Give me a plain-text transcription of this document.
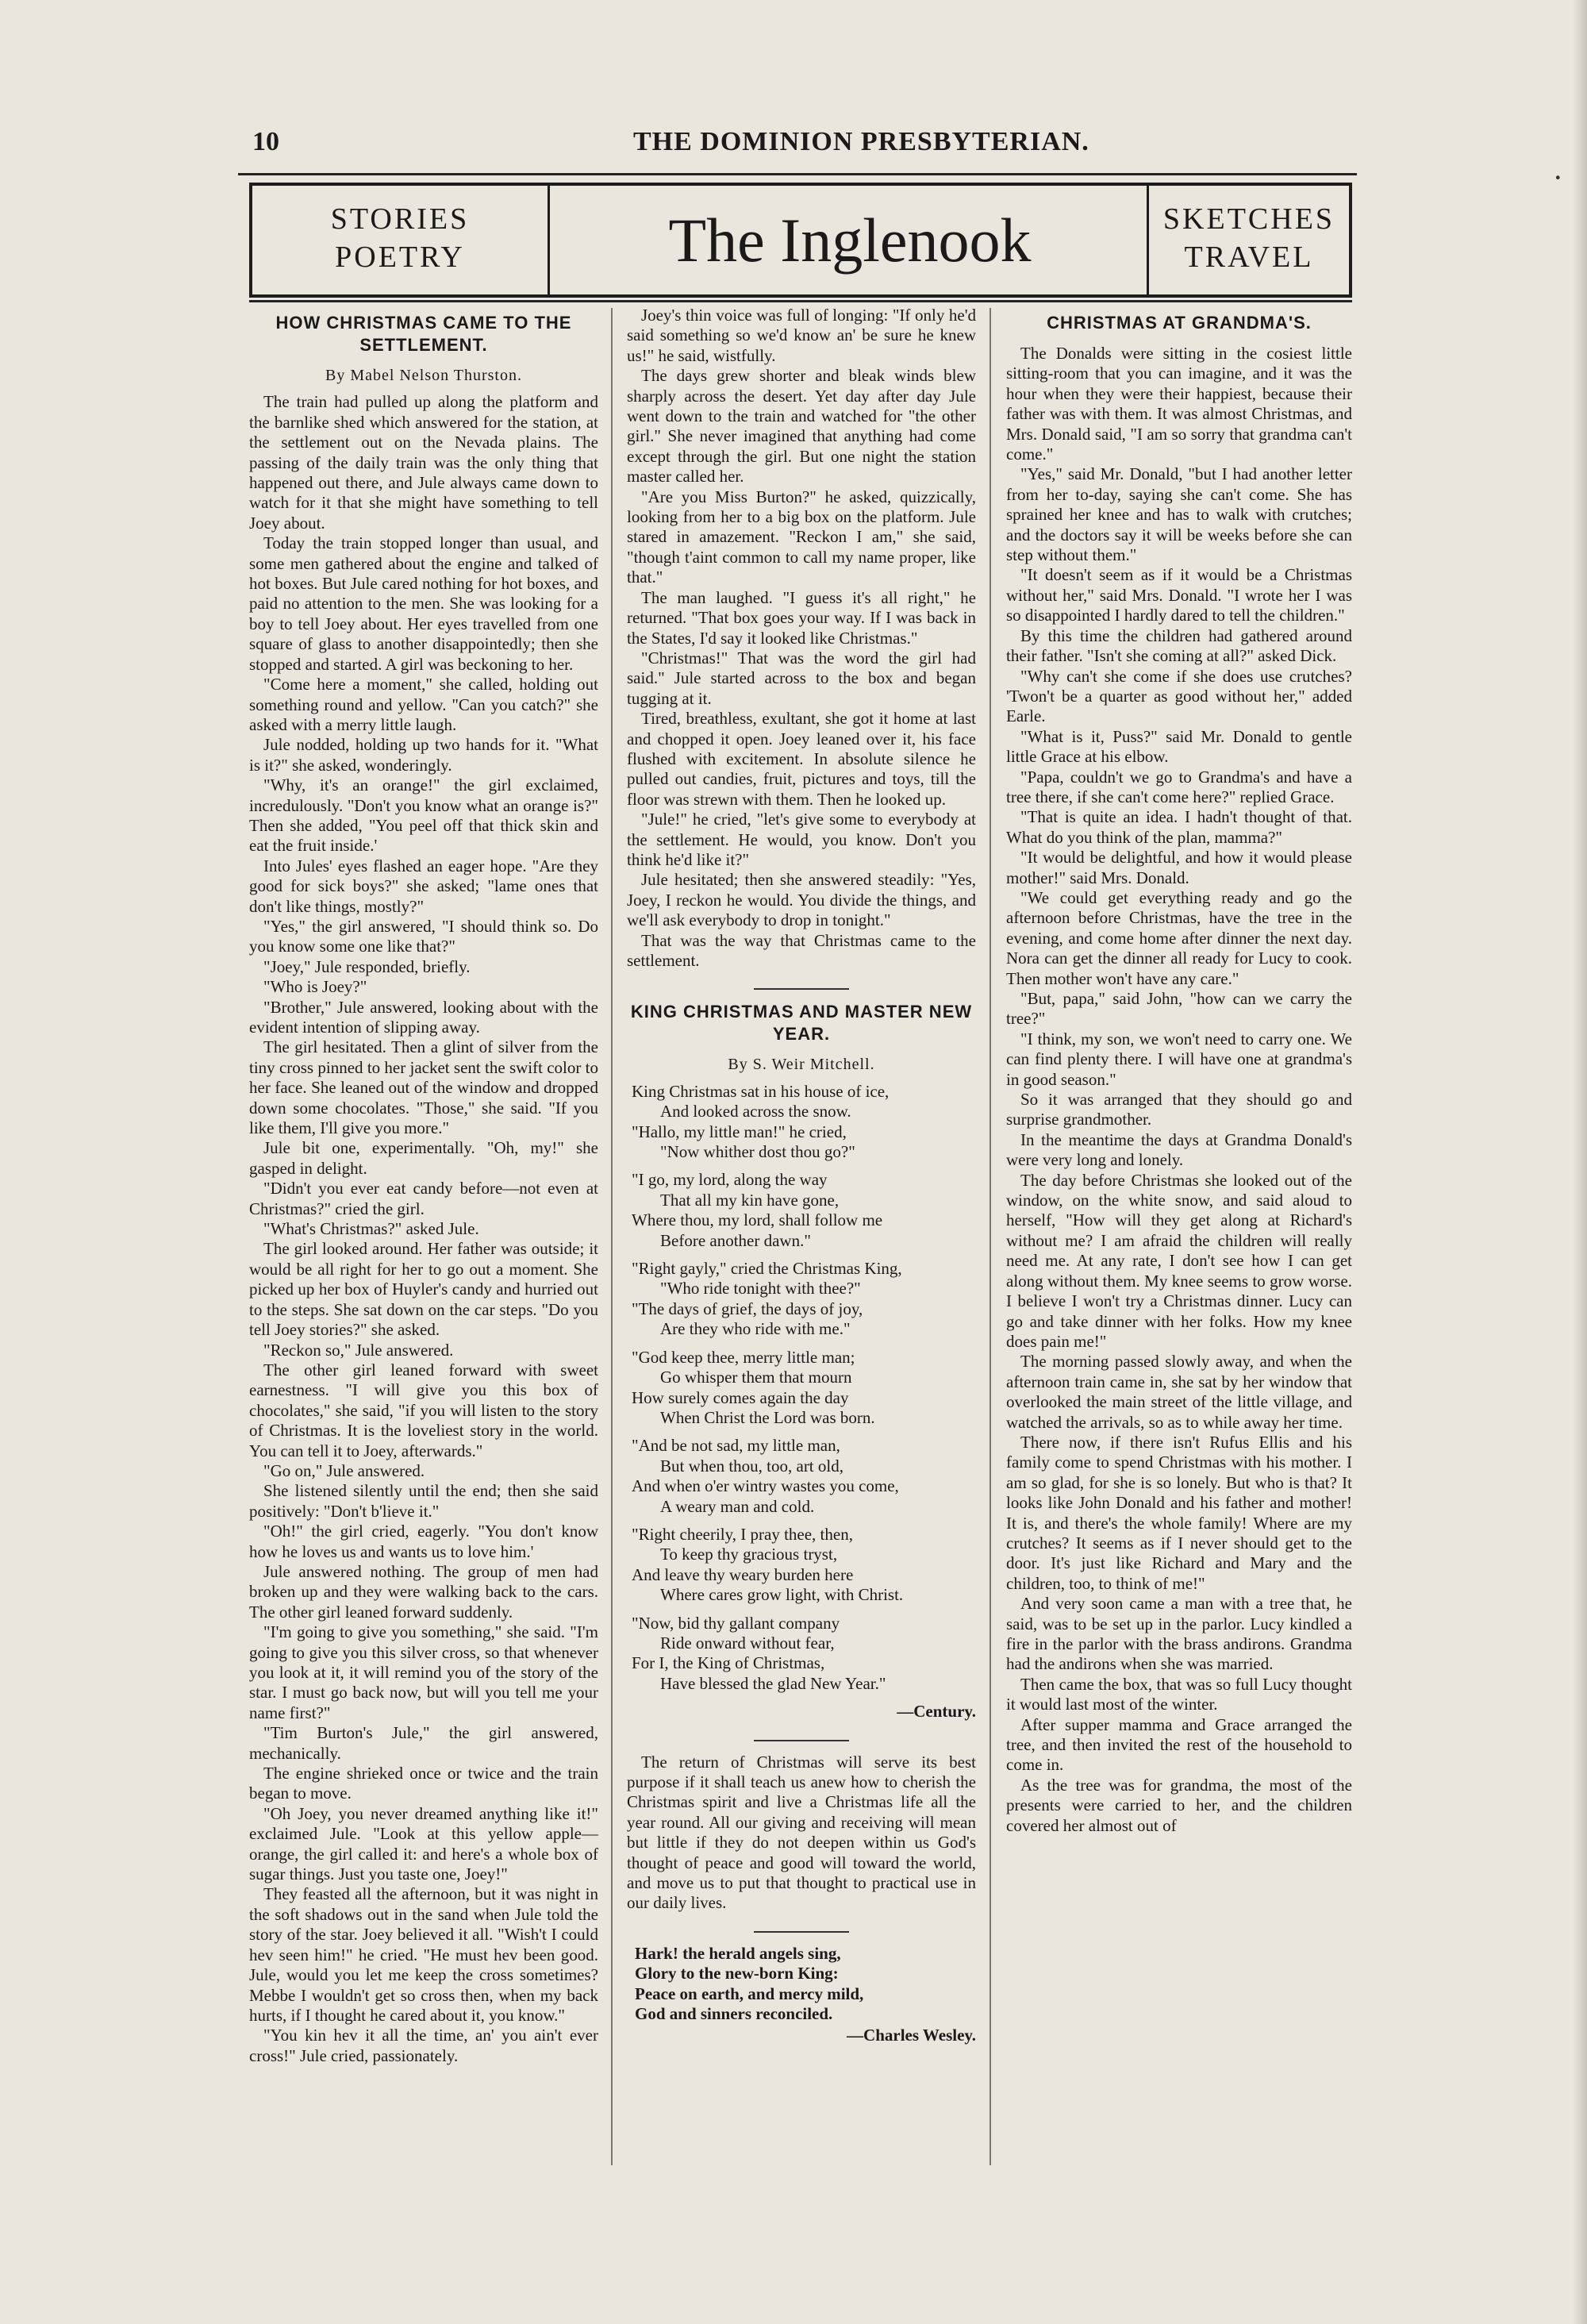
·
10	THE DOMINION PRESBYTERIAN.
STORIES
POETRY	The Inglenook	SKETCHES
TRAVEL
HOW CHRISTMAS CAME TO THE SETTLEMENT.
By Mabel Nelson Thurston.

The train had pulled up along the platform and the barnlike shed which answered for the station, at the settlement out on the Nevada plains. The passing of the daily train was the only thing that happened out there, and Jule always came down to watch for it that she might have something to tell Joey about.

Today the train stopped longer than usual, and some men gathered about the engine and talked of hot boxes. But Jule cared nothing for hot boxes, and paid no attention to the men. She was looking for a boy to tell Joey about. Her eyes travelled from one square of glass to another disappointedly; then she stopped and started. A girl was beckoning to her.

"Come here a moment," she called, holding out something round and yellow. "Can you catch?" she asked with a merry little laugh.

Jule nodded, holding up two hands for it. "What is it?" she asked, wonderingly.

"Why, it's an orange!" the girl exclaimed, incredulously. "Don't you know what an orange is?" Then she added, "You peel off that thick skin and eat the fruit inside.'

Into Jules' eyes flashed an eager hope. "Are they good for sick boys?" she asked; "lame ones that don't like things, mostly?"

"Yes," the girl answered, "I should think so. Do you know some one like that?"

"Joey," Jule responded, briefly.

"Who is Joey?"

"Brother," Jule answered, looking about with the evident intention of slipping away.

The girl hesitated. Then a glint of silver from the tiny cross pinned to her jacket sent the swift color to her face. She leaned out of the window and dropped down some chocolates. "Those," she said. "If you like them, I'll give you more."

Jule bit one, experimentally. "Oh, my!" she gasped in delight.

"Didn't you ever eat candy before—not even at Christmas?" cried the girl.

"What's Christmas?" asked Jule.

The girl looked around. Her father was outside; it would be all right for her to go out a moment. She picked up her box of Huyler's candy and hurried out to the steps. She sat down on the car steps. "Do you tell Joey stories?" she asked.

"Reckon so," Jule answered.

The other girl leaned forward with sweet earnestness. "I will give you this box of chocolates," she said, "if you will listen to the story of Christmas. It is the loveliest story in the world. You can tell it to Joey, afterwards."

"Go on," Jule answered.

She listened silently until the end; then she said positively: "Don't b'lieve it."

"Oh!" the girl cried, eagerly. "You don't know how he loves us and wants us to love him.'

Jule answered nothing. The group of men had broken up and they were walking back to the cars. The other girl leaned forward suddenly.

"I'm going to give you something," she said. "I'm going to give you this silver cross, so that whenever you look at it, it will remind you of the story of the star. I must go back now, but will you tell me your name first?"

"Tim Burton's Jule," the girl answered, mechanically.

The engine shrieked once or twice and the train began to move.

"Oh Joey, you never dreamed anything like it!" exclaimed Jule. "Look at this yellow apple—orange, the girl called it: and here's a whole box of sugar things. Just you taste one, Joey!"

They feasted all the afternoon, but it was night in the soft shadows out in the sand when Jule told the story of the star. Joey believed it all. "Wish't I could hev seen him!" he cried. "He must hev been good. Jule, would you let me keep the cross sometimes? Mebbe I wouldn't get so cross then, when my back hurts, if I thought he cared about it, you know."

"You kin hev it all the time, an' you ain't ever cross!" Jule cried, passionately.

Joey's thin voice was full of longing: "If only he'd said something so we'd know an' be sure he knew us!" he said, wistfully.

The days grew shorter and bleak winds blew sharply across the desert. Yet day after day Jule went down to the train and watched for "the other girl." She never imagined that anything had come except through the girl. But one night the station master called her.

"Are you Miss Burton?" he asked, quizzically, looking from her to a big box on the platform. Jule stared in amazement. "Reckon I am," she said, "though t'aint common to call my name proper, like that."

The man laughed. "I guess it's all right," he returned. "That box goes your way. If I was back in the States, I'd say it looked like Christmas."

"Christmas!" That was the word the girl had said." Jule started across to the box and began tugging at it.

Tired, breathless, exultant, she got it home at last and chopped it open. Joey leaned over it, his face flushed with excitement. In absolute silence he pulled out candies, fruit, pictures and toys, till the floor was strewn with them. Then he looked up.

"Jule!" he cried, "let's give some to everybody at the settlement. He would, you know. Don't you think he'd like it?"

Jule hesitated; then she answered steadily: "Yes, Joey, I reckon he would. You divide the things, and we'll ask everybody to drop in tonight."

That was the way that Christmas came to the settlement.

KING CHRISTMAS AND MASTER NEW YEAR.
By S. Weir Mitchell.
King Christmas sat in his house of ice,
And looked across the snow.
"Hallo, my little man!" he cried,
"Now whither dost thou go?"
"I go, my lord, along the way
That all my kin have gone,
Where thou, my lord, shall follow me
Before another dawn."
"Right gayly," cried the Christmas King,
"Who ride tonight with thee?"
"The days of grief, the days of joy,
Are they who ride with me."
"God keep thee, merry little man;
Go whisper them that mourn
How surely comes again the day
When Christ the Lord was born.
"And be not sad, my little man,
But when thou, too, art old,
And when o'er wintry wastes you come,
A weary man and cold.
"Right cheerily, I pray thee, then,
To keep thy gracious tryst,
And leave thy weary burden here
Where cares grow light, with Christ.
"Now, bid thy gallant company
Ride onward without fear,
For I, the King of Christmas,
Have blessed the glad New Year."
—Century.

The return of Christmas will serve its best purpose if it shall teach us anew how to cherish the Christmas spirit and live a Christmas life all the year round. All our giving and receiving will mean but little if they do not deepen within us God's thought of peace and good will toward the world, and move us to put that thought to practical use in our daily lives.

Hark! the herald angels sing,
Glory to the new-born King:
Peace on earth, and mercy mild,
God and sinners reconciled.
—Charles Wesley.
CHRISTMAS AT GRANDMA'S.

The Donalds were sitting in the cosiest little sitting-room that you can imagine, and it was the hour when they were their happiest, because their father was with them. It was almost Christmas, and Mrs. Donald said, "I am so sorry that grandma can't come."

"Yes," said Mr. Donald, "but I had another letter from her to-day, saying she can't come. She has sprained her knee and has to walk with crutches; and the doctors say it will be weeks before she can step without them."

"It doesn't seem as if it would be a Christmas without her," said Mrs. Donald. "I wrote her I was so disappointed I hardly dared to tell the children."

By this time the children had gathered around their father. "Isn't she coming at all?" asked Dick.

"Why can't she come if she does use crutches? 'Twon't be a quarter as good without her," added Earle.

"What is it, Puss?" said Mr. Donald to gentle little Grace at his elbow.

"Papa, couldn't we go to Grandma's and have a tree there, if she can't come here?" replied Grace.

"That is quite an idea. I hadn't thought of that. What do you think of the plan, mamma?"

"It would be delightful, and how it would please mother!" said Mrs. Donald.

"We could get everything ready and go the afternoon before Christmas, have the tree in the evening, and come home after dinner the next day. Nora can get the dinner all ready for Lucy to cook. Then mother won't have any care."

"But, papa," said John, "how can we carry the tree?"

"I think, my son, we won't need to carry one. We can find plenty there. I will have one at grandma's in good season."

So it was arranged that they should go and surprise grandmother.

In the meantime the days at Grandma Donald's were very long and lonely.

The day before Christmas she looked out of the window, on the white snow, and said aloud to herself, "How will they get along at Richard's without me? I am afraid the children will really need me. At any rate, I don't see how I can get along without them. My knee seems to grow worse. I believe I won't try a Christmas dinner. Lucy can go and take dinner with her folks. How my knee does pain me!"

The morning passed slowly away, and when the afternoon train came in, she sat by her window that overlooked the main street of the little village, and watched the arrivals, so as to while away her time.

There now, if there isn't Rufus Ellis and his family come to spend Christmas with his mother. I am so glad, for she is so lonely. But who is that? It looks like John Donald and his father and mother! It is, and there's the whole family! Where are my crutches? It seems as if I never should get to the door. It's just like Richard and Mary and the children, too, to think of me!"

And very soon came a man with a tree that, he said, was to be set up in the parlor. Lucy kindled a fire in the parlor with the brass andirons. Grandma had the andirons when she was married.

Then came the box, that was so full Lucy thought it would last most of the winter.

After supper mamma and Grace arranged the tree, and then invited the rest of the household to come in.

As the tree was for grandma, the most of the presents were carried to her, and the children covered her almost out of
